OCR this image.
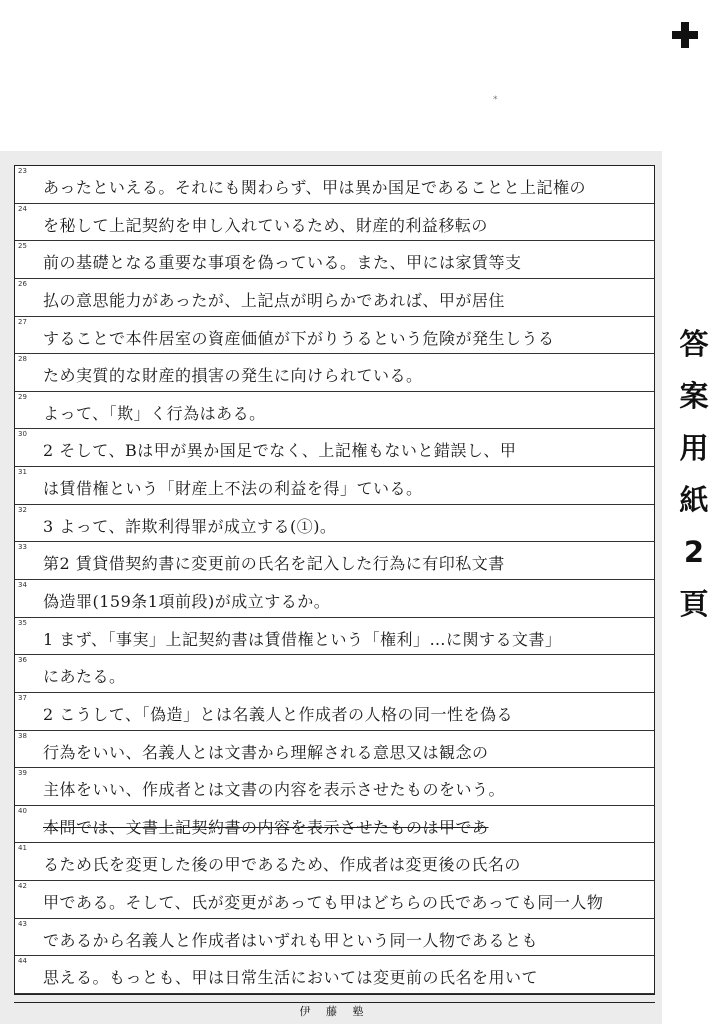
*
23
あったといえる。それにも関わらず、甲は異か国足であることと上記権の
24
を秘して上記契約を申し入れているため、財産的利益移転の
25
前の基礎となる重要な事項を偽っている。また、甲には家賃等支
26
払の意思能力があったが、上記点が明らかであれば、甲が居住
27
することで本件居室の資産価値が下がりうるという危険が発生しうる
28
ため実質的な財産的損害の発生に向けられている。
29
よって、「欺」く行為はある。
30
2 そして、Bは甲が異か国足でなく、上記権もないと錯誤し、甲
31
は賃借権という「財産上不法の利益を得」ている。
32
3 よって、詐欺利得罪が成立する(①)。
33
第2 賃貸借契約書に変更前の氏名を記入した行為に有印私文書
34
偽造罪(159条1項前段)が成立するか。
35
1 まず、「事実」上記契約書は賃借権という「権利」…に関する文書」
36
にあたる。
37
2 こうして、「偽造」とは名義人と作成者の人格の同一性を偽る
38
行為をいい、名義人とは文書から理解される意思又は観念の
39
主体をいい、作成者とは文書の内容を表示させたものをいう。
40
本問では、文書上記契約書の内容を表示させたものは甲であ
41
るため氏を変更した後の甲であるため、作成者は変更後の氏名の
42
甲である。そして、氏が変更があっても甲はどちらの氏であっても同一人物
43
であるから名義人と作成者はいずれも甲という同一人物であるとも
44
思える。もっとも、甲は日常生活においては変更前の氏名を用いて
伊 藤 塾
答
案
用
紙
2
頁
